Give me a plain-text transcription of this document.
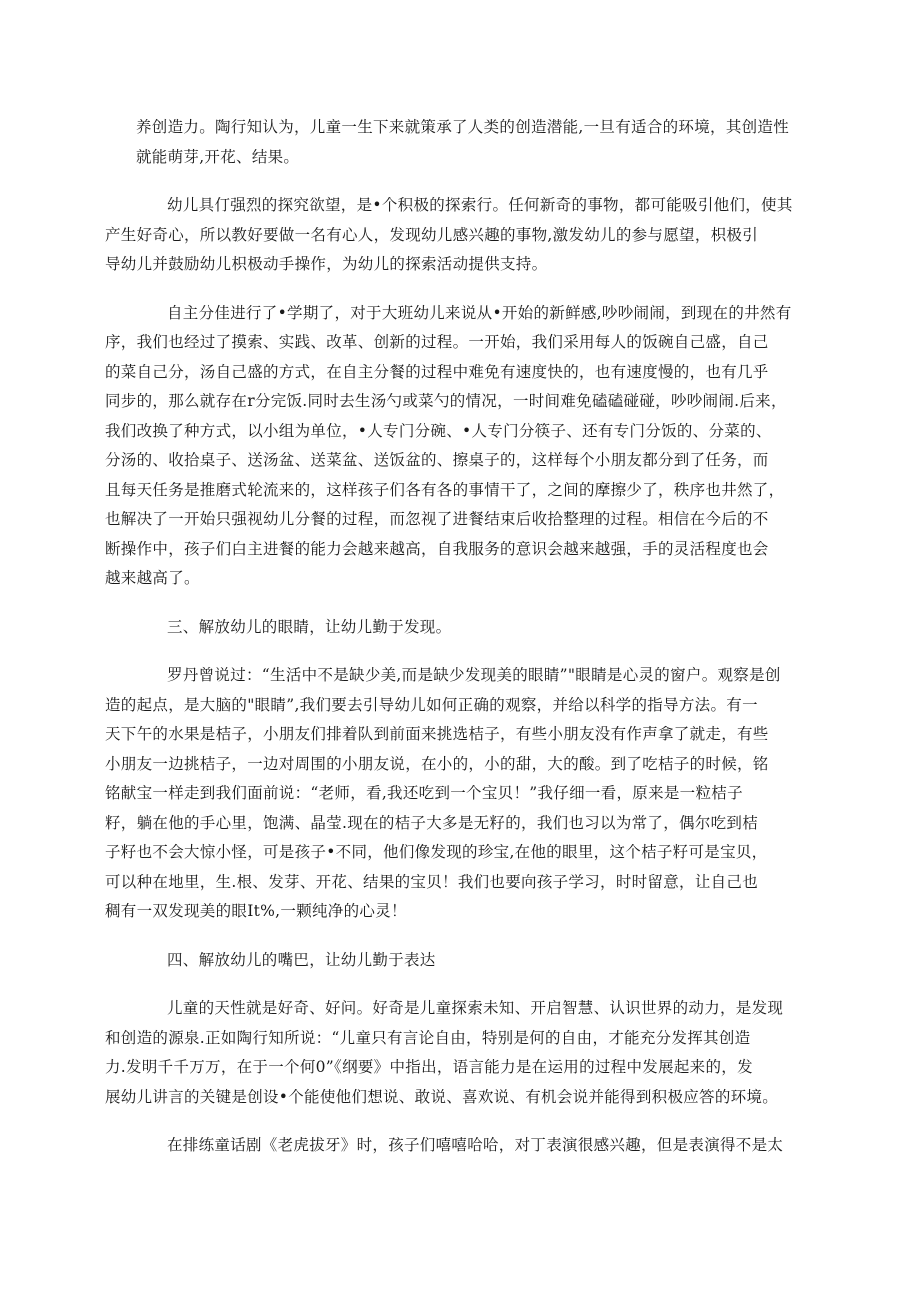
养创造力。陶行知认为，儿童一生下来就策承了人类的创造潜能,一旦有适合的环境，其创造性
就能萌芽,开花、结果。
幼儿具仃强烈的探究欲望，是•个积极的探索行。任何新奇的事物，都可能吸引他们，使其
产生好奇心，所以教好要做一名有心人，发现幼儿感兴趣的事物,激发幼儿的参与愿望，枳极引
导幼儿并鼓励幼儿枳极动手操作，为幼儿的探索活动提供支持。
自主分佳进行了•学期了，对于大班幼儿来说从•开始的新鲜感,吵吵闹闹，到现在的井然有
序，我们也经过了摸索、实践、改革、创新的过程。一开始，我们采用每人的饭碗自己盛，自己
的菜自己分，汤自己盛的方式，在自主分餐的过程中难免有速度快的，也有速度慢的，也有几乎
同步的，那么就存在r分完饭.同时去生汤勺或菜勺的情况，一时间难免磕磕碰碰，吵吵闹闹.后来，
我们改换了种方式，以小组为单位，•人专门分碗、•人专门分筷子、还有专门分饭的、分菜的、
分汤的、收拾桌子、送汤盆、送菜盆、送饭盆的、擦桌子的，这样每个小朋友都分到了任务，而
且每天任务是推磨式轮流来的，这样孩子们各有各的事情干了，之间的摩擦少了，秩序也井然了，
也解决了一开始只强视幼儿分餐的过程，而忽视了进餐结束后收拾整理的过程。相信在今后的不
断操作中，孩子们白主进餐的能力会越来越高，自我服务的意识会越来越强，手的灵活程度也会
越来越高了。
三、解放幼儿的眼睛，让幼儿勤于发现。
罗丹曾说过：“生活中不是缺少美,而是缺少发现美的眼睛”"眼睛是心灵的窗户。观察是创
造的起点，是大脑的"眼睛”,我们要去引导幼儿如何正确的观察，并给以科学的指导方法。有一
天下午的水果是桔子，小朋友们排着队到前面来挑选桔子，有些小朋友没有作声拿了就走，有些
小朋友一边挑桔子，一边对周围的小朋友说，在小的，小的甜，大的酸。到了吃桔子的时候，铭
铭献宝一样走到我们面前说：“老师，看,我还吃到一个宝贝！”我仔细一看，原来是一粒桔子
籽，躺在他的手心里，饱满、晶莹.现在的桔子大多是无籽的，我们也习以为常了，偶尔吃到桔
子籽也不会大惊小怪，可是孩子•不同，他们像发现的珍宝,在他的眼里，这个桔子籽可是宝贝，
可以种在地里，生.根、发芽、开花、结果的宝贝！我们也要向孩子学习，时时留意，让自己也
稠有一双发现美的眼It%,一颗纯净的心灵！
四、解放幼儿的嘴巴，让幼儿勤于表达
儿童的天性就是好奇、好问。好奇是儿童探索未知、开启智慧、认识世界的动力，是发现
和创造的源泉.正如陶行知所说：“儿童只有言论自由，特别是何的自由，才能充分发挥其创造
力.发明千千万万，在于一个何0”《纲要》中指出，语言能力是在运用的过程中发展起来的，发
展幼儿讲言的关键是创设•个能使他们想说、敢说、喜欢说、有机会说并能得到积极应答的环境。
在排练童话剧《老虎拔牙》时，孩子们嘻嘻哈哈，对丁表演很感兴趣，但是表演得不是太
